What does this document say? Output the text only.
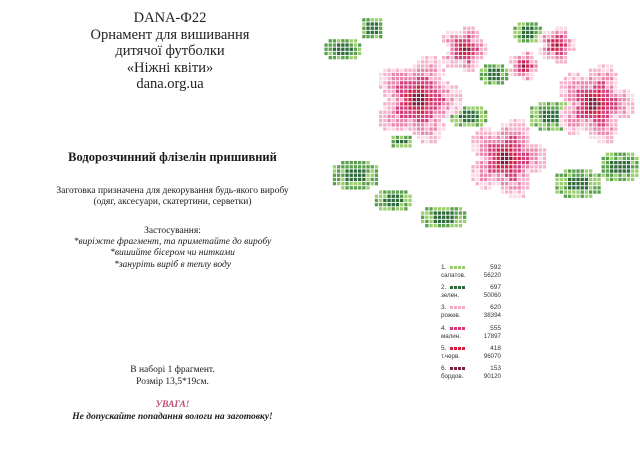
DANA-Ф22
Орнамент для вишивання
дитячої футболки
«Ніжні квіти»
dana.org.ua
Водорозчинний флізелін пришивний
Заготовка призначена для декорування будь-якого виробу
(одяг, аксесуари, скатертини, серветки)
Застосування:
*виріжте фрагмент, та приметайте до виробу
*вишийте бісером чи нитками
*зануріть виріб в теплу воду
В наборі 1 фрагмент.
Розмір 13,5*19см.
УВАГА!
Не допускайте попадання вологи на заготовку!
1.	592
салатов.	56220
2.	697
зелен.	50060
3.	620
рожев.	38394
4.	555
малин.	17897
5.	418
т.черв.	96070
6.	153
бордов.	90120
